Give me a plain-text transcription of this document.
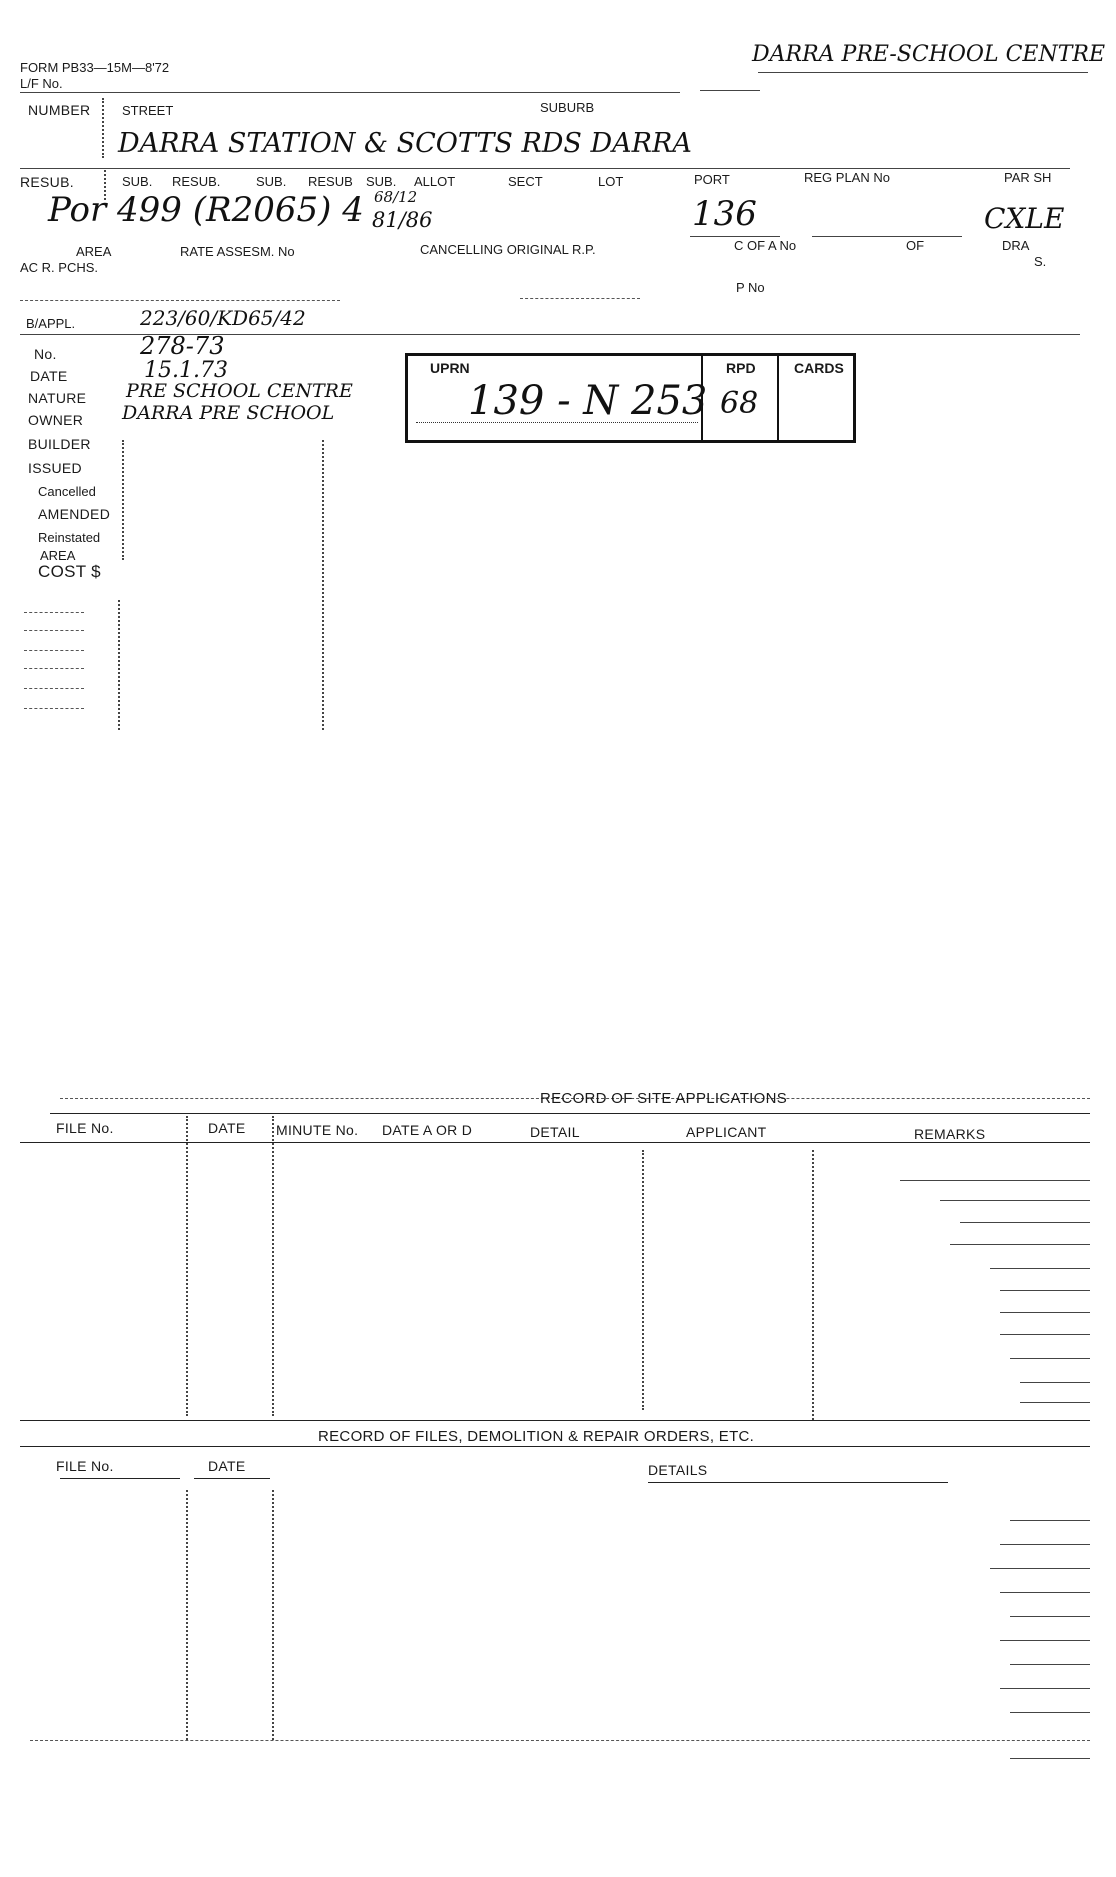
FORM PB33—15M—8'72
L/F No.
DARRA PRE-SCHOOL CENTRE
NUMBER STREET	SUBURB
DARRA STATION & SCOTTS RDS DARRA
RESUB.	SUB. RESUB.	SUB. RESUB SUB. ALLOT	SECT	LOT	PORT	REG PLAN No	PAR SH
Por 499 (R2065) 4 68/12
81/86	136	CXLE
AREA
AC R. PCHS.
RATE ASSESM. No	CANCELLING ORIGINAL R.P.	C OF A No	OF	DRA
S.
P No
B/APPL.	223/60/KD65/42
No.	278-73
DATE	15.1.73
NATURE PRE SCHOOL CENTRE
OWNER DARRA PRE SCHOOL
BUILDER
ISSUED
Cancelled
AMENDED
Reinstated
AREA
COST $
UPRN	RPD	CARDS
139 - N 253 68
RECORD OF SITE APPLICATIONS
FILE No.	DATE MINUTE No. DATE A OR D	DETAIL	APPLICANT	REMARKS
RECORD OF FILES, DEMOLITION & REPAIR ORDERS, ETC.
FILE No.	DATE	DETAILS
